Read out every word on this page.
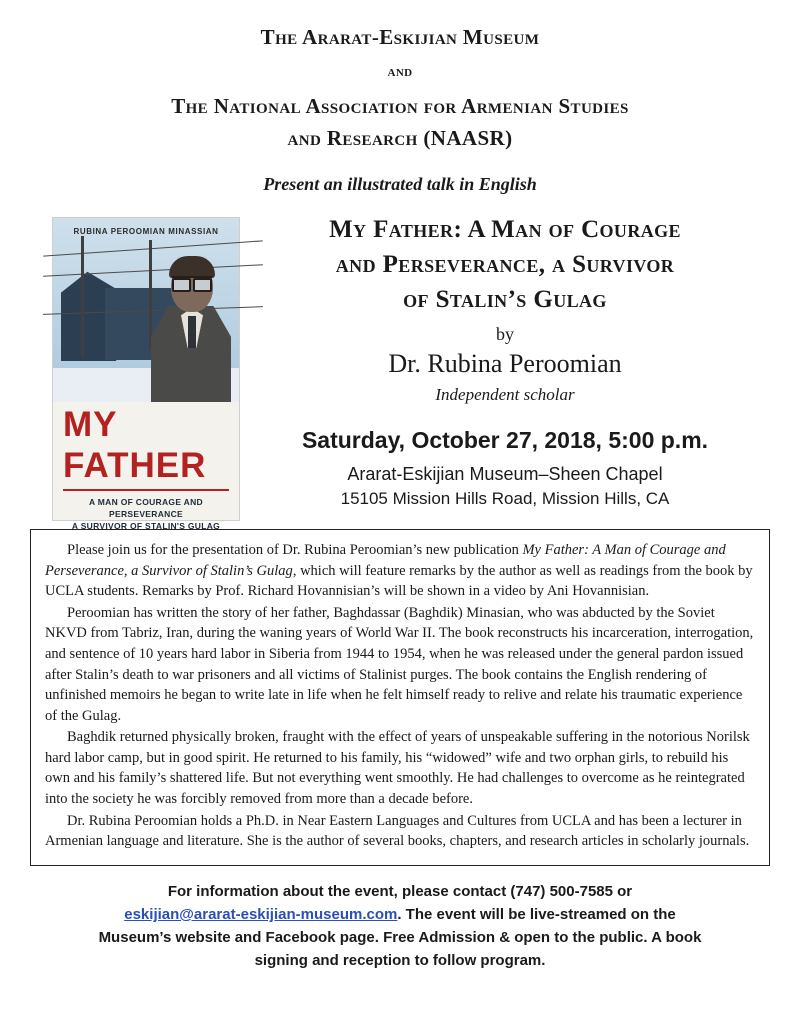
The Ararat-Eskijian Museum
and
The National Association for Armenian Studies
and Research (NAASR)
Present an illustrated talk in English
RUBINA PEROOMIAN MINASSIAN
MY
FATHER
A MAN OF COURAGE AND PERSEVERANCE
A SURVIVOR OF STALIN'S GULAG
My Father: A Man of Courage
and Perseverance, a Survivor
of Stalin’s Gulag
by
Dr. Rubina Peroomian
Independent scholar
Saturday, October 27, 2018, 5:00 p.m.
Ararat-Eskijian Museum–Sheen Chapel
15105 Mission Hills Road, Mission Hills, CA

Please join us for the presentation of Dr. Rubina Peroomian’s new publication My Father: A Man of Courage and Perseverance, a Survivor of Stalin’s Gulag, which will feature remarks by the author as well as readings from the book by UCLA students. Remarks by Prof. Richard Hovannisian’s will be shown in a video by Ani Hovannisian.

Peroomian has written the story of her father, Baghdassar (Baghdik) Minasian, who was abducted by the Soviet NKVD from Tabriz, Iran, during the waning years of World War II. The book reconstructs his incarceration, interrogation, and sentence of 10 years hard labor in Siberia from 1944 to 1954, when he was released under the general pardon issued after Stalin’s death to war prisoners and all victims of Stalinist purges. The book contains the English rendering of unfinished memoirs he began to write late in life when he felt himself ready to relive and relate his traumatic experience of the Gulag.

Baghdik returned physically broken, fraught with the effect of years of unspeakable suffering in the notorious Norilsk hard labor camp, but in good spirit. He returned to his family, his “widowed” wife and two orphan girls, to rebuild his own and his family’s shattered life. But not everything went smoothly. He had challenges to overcome as he reintegrated into the society he was forcibly removed from more than a decade before.

Dr. Rubina Peroomian holds a Ph.D. in Near Eastern Languages and Cultures from UCLA and has been a lecturer in Armenian language and literature. She is the author of several books, chapters, and research articles in scholarly journals.

For information about the event, please contact (747) 500-7585 or
eskijian@ararat-eskijian-museum.com. The event will be live-streamed on the
Museum’s website and Facebook page. Free Admission & open to the public. A book
signing and reception to follow program.
